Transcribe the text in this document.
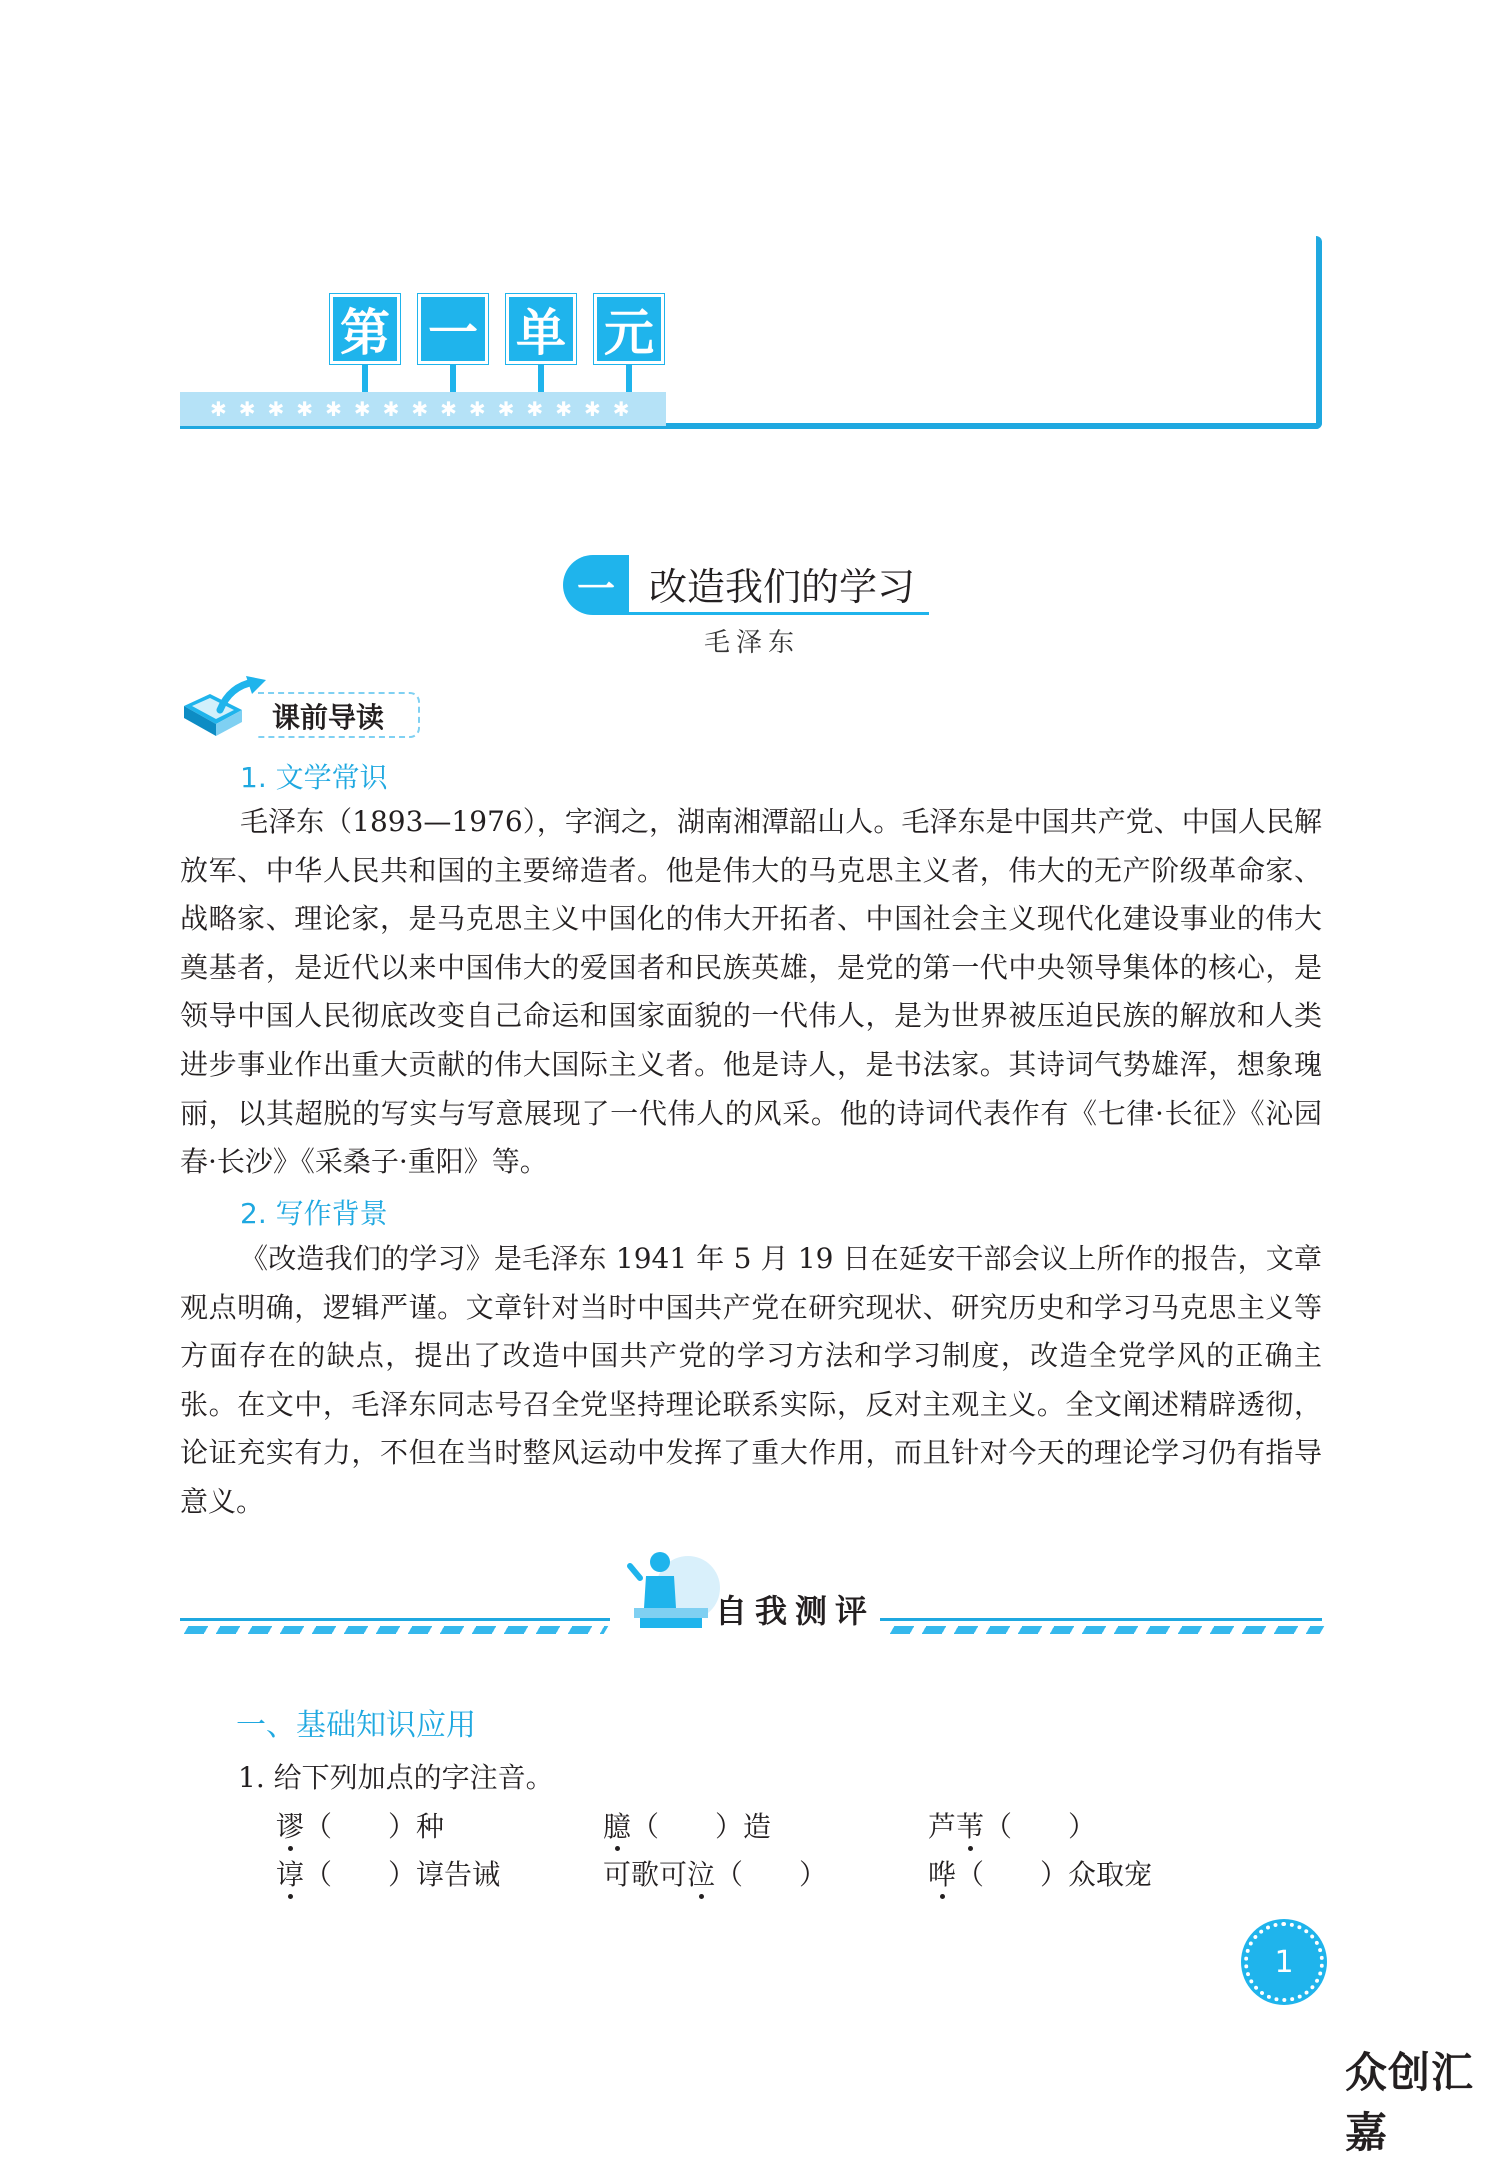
✱ ✱ ✱ ✱ ✱ ✱ ✱ ✱ ✱ ✱ ✱ ✱ ✱ ✱ ✱
第 一 单 元
一 改造我们的学习
毛泽东
课前导读
1. 文学常识

毛泽东（1893—1976），字润之，湖南湘潭韶山人。毛泽东是中国共产党、中国人民解放军、中华人民共和国的主要缔造者。他是伟大的马克思主义者，伟大的无产阶级革命家、战略家、理论家，是马克思主义中国化的伟大开拓者、中国社会主义现代化建设事业的伟大奠基者，是近代以来中国伟大的爱国者和民族英雄，是党的第一代中央领导集体的核心，是领导中国人民彻底改变自己命运和国家面貌的一代伟人，是为世界被压迫民族的解放和人类进步事业作出重大贡献的伟大国际主义者。他是诗人，是书法家。其诗词气势雄浑，想象瑰丽，以其超脱的写实与写意展现了一代伟人的风采。他的诗词代表作有《七律·长征》《沁园春·长沙》《采桑子·重阳》等。

2. 写作背景

《改造我们的学习》是毛泽东 1941 年 5 月 19 日在延安干部会议上所作的报告，文章观点明确，逻辑严谨。文章针对当时中国共产党在研究现状、研究历史和学习马克思主义等方面存在的缺点，提出了改造中国共产党的学习方法和学习制度，改造全党学风的正确主张。在文中，毛泽东同志号召全党坚持理论联系实际，反对主观主义。全文阐述精辟透彻，论证充实有力，不但在当时整风运动中发挥了重大作用，而且针对今天的理论学习仍有指导意义。

自我测评
一、基础知识应用
1. 给下列加点的字注音。
谬（　　）种	臆（　　）造	芦苇（　　）
谆（　　）谆告诫	可歌可泣（　　）	哗（　　）众取宠
1
众创汇嘉
